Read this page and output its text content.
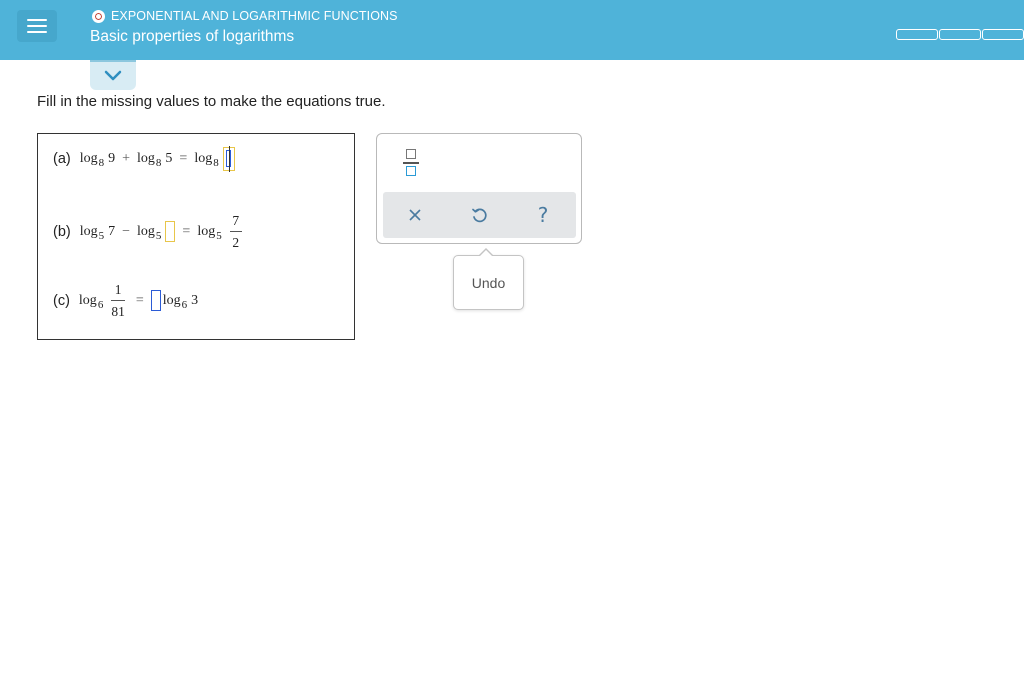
EXPONENTIAL AND LOGARITHMIC FUNCTIONS
Basic properties of logarithms
Fill in the missing values to make the equations true.
(a) $\log_8 9 + \log_8 5 = \log_8$
(b) $\log_5 7 - \log_5 = \log_5 \frac{7}{2}$
(c) $\log_6 \frac{1}{81} = \log_6 3$
?
Undo
